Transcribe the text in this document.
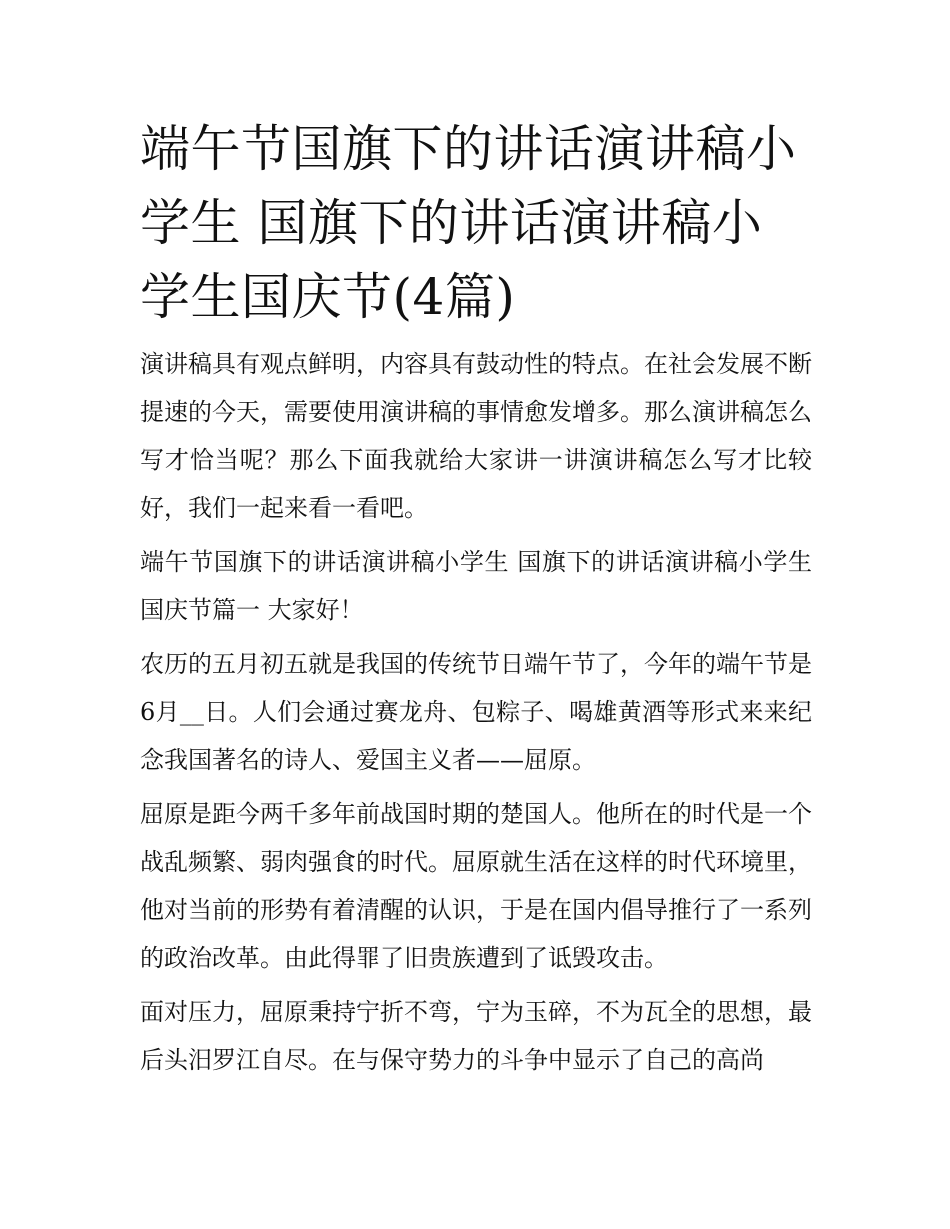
端午节国旗下的讲话演讲稿小学生 国旗下的讲话演讲稿小学生国庆节(4篇)

演讲稿具有观点鲜明，内容具有鼓动性的特点。在社会发展不断提速的今天，需要使用演讲稿的事情愈发增多。那么演讲稿怎么写才恰当呢？那么下面我就给大家讲一讲演讲稿怎么写才比较好，我们一起来看一看吧。

端午节国旗下的讲话演讲稿小学生 国旗下的讲话演讲稿小学生国庆节篇一 大家好！

农历的五月初五就是我国的传统节日端午节了，今年的端午节是6月__日。人们会通过赛龙舟、包粽子、喝雄黄酒等形式来来纪念我国著名的诗人、爱国主义者——屈原。

屈原是距今两千多年前战国时期的楚国人。他所在的时代是一个战乱频繁、弱肉强食的时代。屈原就生活在这样的时代环境里，他对当前的形势有着清醒的认识，于是在国内倡导推行了一系列的政治改革。由此得罪了旧贵族遭到了诋毁攻击。

面对压力，屈原秉持宁折不弯，宁为玉碎，不为瓦全的思想，最后头汨罗江自尽。在与保守势力的斗争中显示了自己的高尚
